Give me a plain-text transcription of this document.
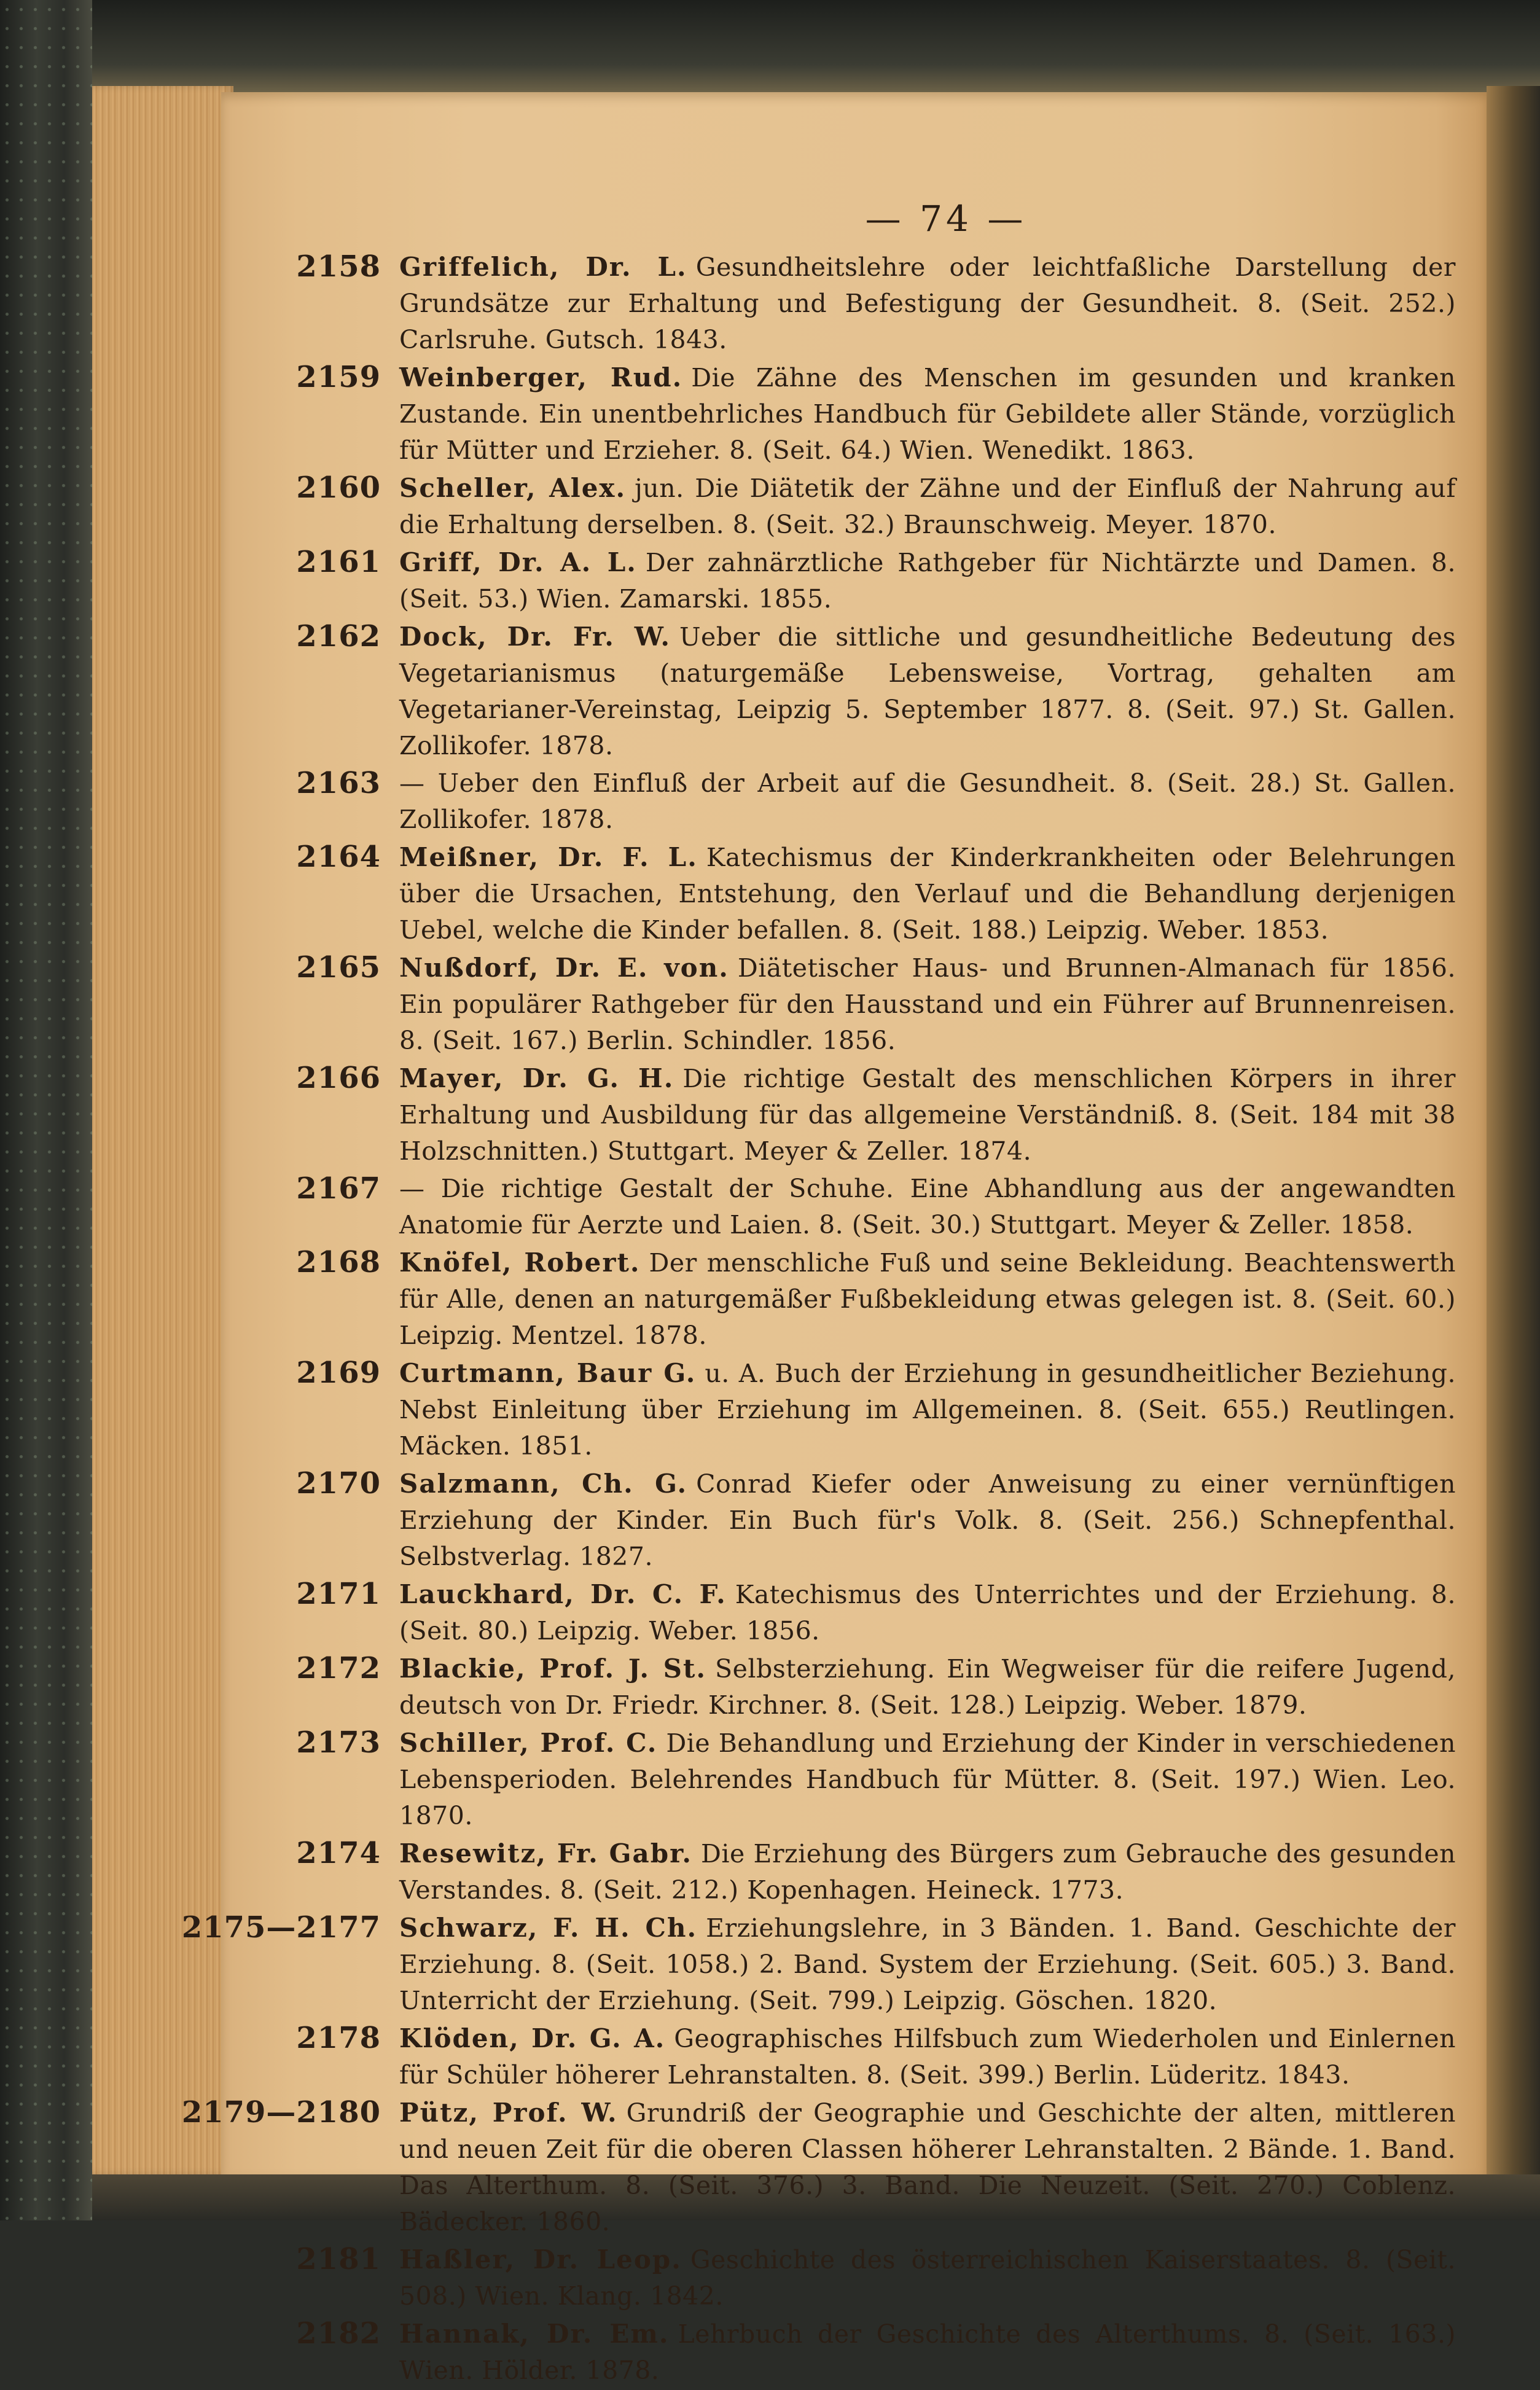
— 74 —
2158 Griffelich, Dr. L. Gesundheitslehre oder leichtfaßliche Darstellung der Grundsätze zur Erhaltung und Befestigung der Gesundheit. 8. (Seit. 252.) Carlsruhe. Gutsch. 1843.
2159 Weinberger, Rud. Die Zähne des Menschen im gesunden und kranken Zustande. Ein unentbehrliches Handbuch für Gebildete aller Stände, vorzüglich für Mütter und Erzieher. 8. (Seit. 64.) Wien. Wenedikt. 1863.
2160 Scheller, Alex. jun. Die Diätetik der Zähne und der Einfluß der Nahrung auf die Erhaltung derselben. 8. (Seit. 32.) Braunschweig. Meyer. 1870.
2161 Griff, Dr. A. L. Der zahnärztliche Rathgeber für Nichtärzte und Damen. 8. (Seit. 53.) Wien. Zamarski. 1855.
2162 Dock, Dr. Fr. W. Ueber die sittliche und gesundheitliche Bedeutung des Vegetarianismus (naturgemäße Lebensweise, Vortrag, gehalten am Vegetarianer-Vereinstag, Leipzig 5. September 1877. 8. (Seit. 97.) St. Gallen. Zollikofer. 1878.
2163 — Ueber den Einfluß der Arbeit auf die Gesundheit. 8. (Seit. 28.) St. Gallen. Zollikofer. 1878.
2164 Meißner, Dr. F. L. Katechismus der Kinderkrankheiten oder Belehrungen über die Ursachen, Entstehung, den Verlauf und die Behandlung derjenigen Uebel, welche die Kinder befallen. 8. (Seit. 188.) Leipzig. Weber. 1853.
2165 Nußdorf, Dr. E. von. Diätetischer Haus- und Brunnen-Almanach für 1856. Ein populärer Rathgeber für den Hausstand und ein Führer auf Brunnenreisen. 8. (Seit. 167.) Berlin. Schindler. 1856.
2166 Mayer, Dr. G. H. Die richtige Gestalt des menschlichen Körpers in ihrer Erhaltung und Ausbildung für das allgemeine Verständniß. 8. (Seit. 184 mit 38 Holzschnitten.) Stuttgart. Meyer & Zeller. 1874.
2167 — Die richtige Gestalt der Schuhe. Eine Abhandlung aus der angewandten Anatomie für Aerzte und Laien. 8. (Seit. 30.) Stuttgart. Meyer & Zeller. 1858.
2168 Knöfel, Robert. Der menschliche Fuß und seine Bekleidung. Beachtenswerth für Alle, denen an naturgemäßer Fußbekleidung etwas gelegen ist. 8. (Seit. 60.) Leipzig. Mentzel. 1878.
2169 Curtmann, Baur G. u. A. Buch der Erziehung in gesundheitlicher Beziehung. Nebst Einleitung über Erziehung im Allgemeinen. 8. (Seit. 655.) Reutlingen. Mäcken. 1851.
2170 Salzmann, Ch. G. Conrad Kiefer oder Anweisung zu einer vernünftigen Erziehung der Kinder. Ein Buch für's Volk. 8. (Seit. 256.) Schnepfenthal. Selbstverlag. 1827.
2171 Lauckhard, Dr. C. F. Katechismus des Unterrichtes und der Erziehung. 8. (Seit. 80.) Leipzig. Weber. 1856.
2172 Blackie, Prof. J. St. Selbsterziehung. Ein Wegweiser für die reifere Jugend, deutsch von Dr. Friedr. Kirchner. 8. (Seit. 128.) Leipzig. Weber. 1879.
2173 Schiller, Prof. C. Die Behandlung und Erziehung der Kinder in verschiedenen Lebensperioden. Belehrendes Handbuch für Mütter. 8. (Seit. 197.) Wien. Leo. 1870.
2174 Resewitz, Fr. Gabr. Die Erziehung des Bürgers zum Gebrauche des gesunden Verstandes. 8. (Seit. 212.) Kopenhagen. Heineck. 1773.
2175—2177 Schwarz, F. H. Ch. Erziehungslehre, in 3 Bänden. 1. Band. Geschichte der Erziehung. 8. (Seit. 1058.) 2. Band. System der Erziehung. (Seit. 605.) 3. Band. Unterricht der Erziehung. (Seit. 799.) Leipzig. Göschen. 1820.
2178 Klöden, Dr. G. A. Geographisches Hilfsbuch zum Wiederholen und Einlernen für Schüler höherer Lehranstalten. 8. (Seit. 399.) Berlin. Lüderitz. 1843.
2179—2180 Pütz, Prof. W. Grundriß der Geographie und Geschichte der alten, mittleren und neuen Zeit für die oberen Classen höherer Lehranstalten. 2 Bände. 1. Band. Das Alterthum. 8. (Seit. 376.) 3. Band. Die Neuzeit. (Seit. 270.) Coblenz. Bädecker. 1860.
2181 Haßler, Dr. Leop. Geschichte des österreichischen Kaiserstaates. 8. (Seit. 508.) Wien. Klang. 1842.
2182 Hannak, Dr. Em. Lehrbuch der Geschichte des Alterthums. 8. (Seit. 163.) Wien. Hölder. 1878.
